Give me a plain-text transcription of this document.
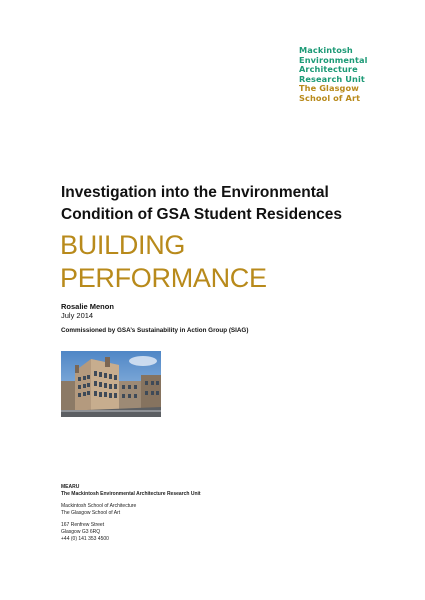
Mackintosh
Environmental
Architecture
Research Unit
The Glasgow
School of Art
Investigation into the Environmental
Condition of GSA Student Residences
BUILDING
PERFORMANCE
Rosalie Menon
July 2014
Commissioned by GSA’s Sustainability in Action Group (SIAG)
MEARU
The Mackintosh Environmental Architecture Research Unit
Mackintosh School of Architecture
The Glasgow School of Art
167 Renfrew Street
Glasgow G3 6RQ
+44 (0) 141 353 4500
